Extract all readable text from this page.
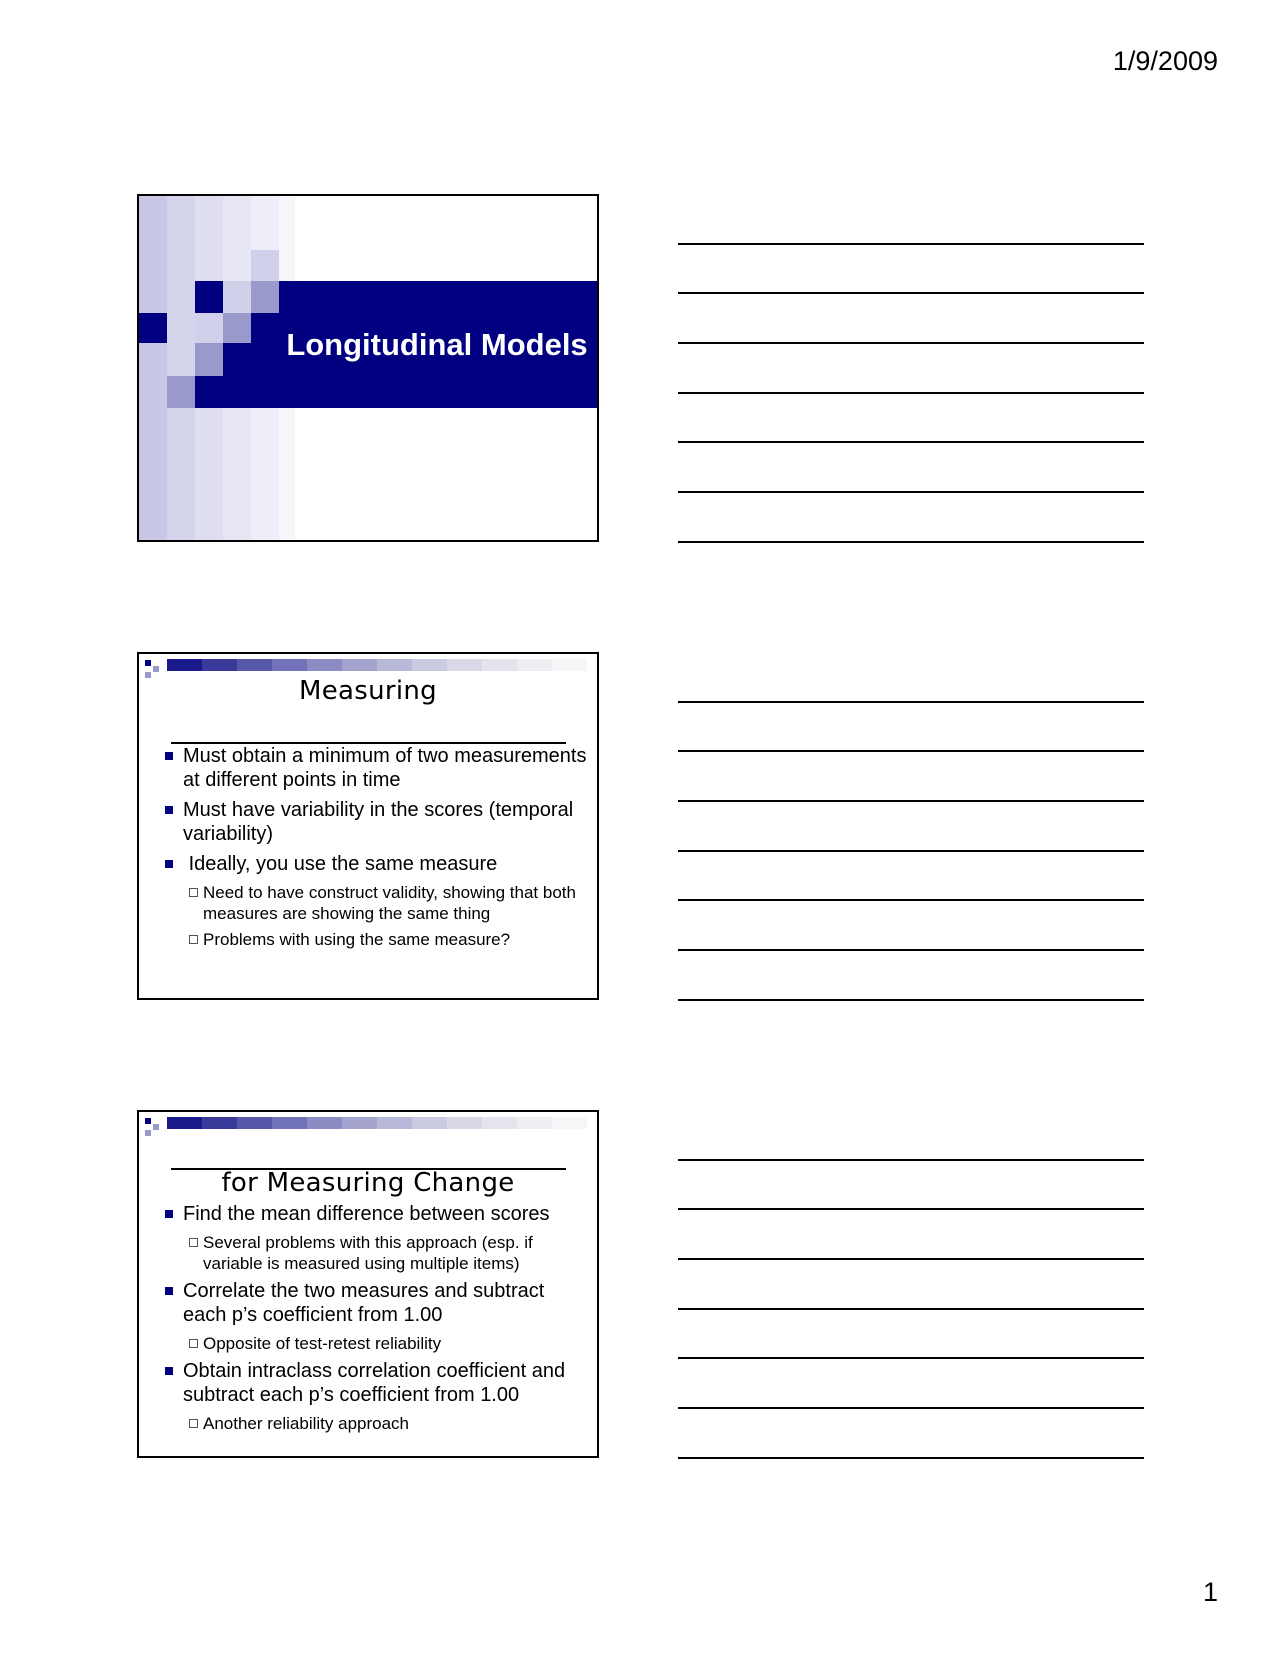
1/9/2009
Longitudinal Models
Measuring
Must obtain a minimum of two measurements at different points in time
Must have variability in the scores (temporal variability)
Ideally, you use the same measure
Need to have construct validity, showing that both measures are showing the same thing
Problems with using the same measure?
for Measuring Change
Find the mean difference between scores
Several problems with this approach (esp. if variable is measured using multiple items)
Correlate the two measures and subtract each p’s coefficient from 1.00
Opposite of test-retest reliability
Obtain intraclass correlation coefficient and subtract each p’s coefficient from 1.00
Another reliability approach
1
